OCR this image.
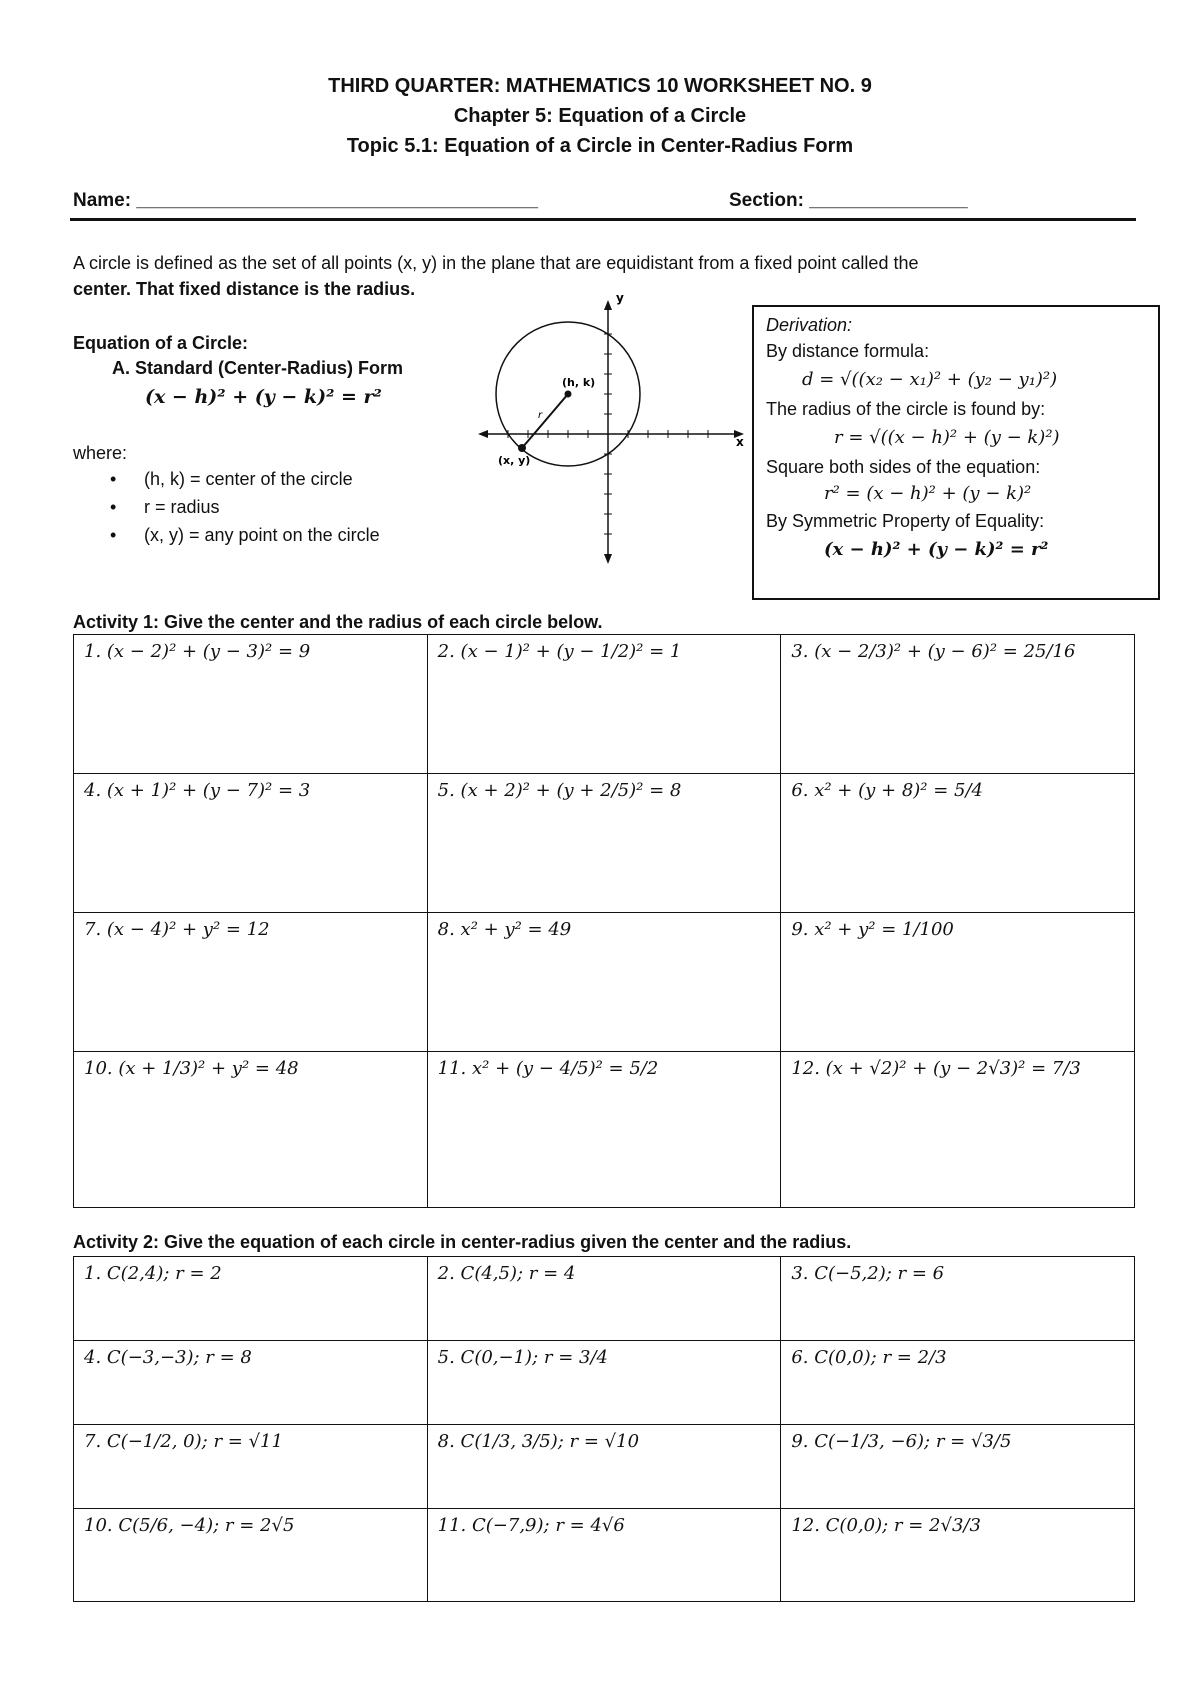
THIRD QUARTER: MATHEMATICS 10 WORKSHEET NO. 9
Chapter 5: Equation of a Circle
Topic 5.1: Equation of a Circle in Center-Radius Form
Name: ______________________________________	Section: _______________
A circle is defined as the set of all points (x, y) in the plane that are equidistant from a fixed point called the
center. That fixed distance is the radius.
Equation of a Circle:
A. Standard (Center-Radius) Form
(x − h)² + (y − k)² = r²
where:
• (h, k) = center of the circle
• r = radius
• (x, y) = any point on the circle
y
x
(h, k)
(x, y)
r
Derivation:
By distance formula:
d = √((x₂ − x₁)² + (y₂ − y₁)²)
The radius of the circle is found by:
r = √((x − h)² + (y − k)²)
Square both sides of the equation:
r² = (x − h)² + (y − k)²
By Symmetric Property of Equality:
(x − h)² + (y − k)² = r²
Activity 1: Give the center and the radius of each circle below.
1. (x − 2)² + (y − 3)² = 9	2. (x − 1)² + (y − 1/2)² = 1	3. (x − 2/3)² + (y − 6)² = 25/16
4. (x + 1)² + (y − 7)² = 3	5. (x + 2)² + (y + 2/5)² = 8	6. x² + (y + 8)² = 5/4
7. (x − 4)² + y² = 12	8. x² + y² = 49	9. x² + y² = 1/100
10. (x + 1/3)² + y² = 48	11. x² + (y − 4/5)² = 5/2	12. (x + √2)² + (y − 2√3)² = 7/3
Activity 2: Give the equation of each circle in center-radius given the center and the radius.
1. C(2,4); r = 2	2. C(4,5); r = 4	3. C(−5,2); r = 6
4. C(−3,−3); r = 8	5. C(0,−1); r = 3/4	6. C(0,0); r = 2/3
7. C(−1/2, 0); r = √11	8. C(1/3, 3/5); r = √10	9. C(−1/3, −6); r = √3/5
10. C(5/6, −4); r = 2√5	11. C(−7,9); r = 4√6	12. C(0,0); r = 2√3/3
